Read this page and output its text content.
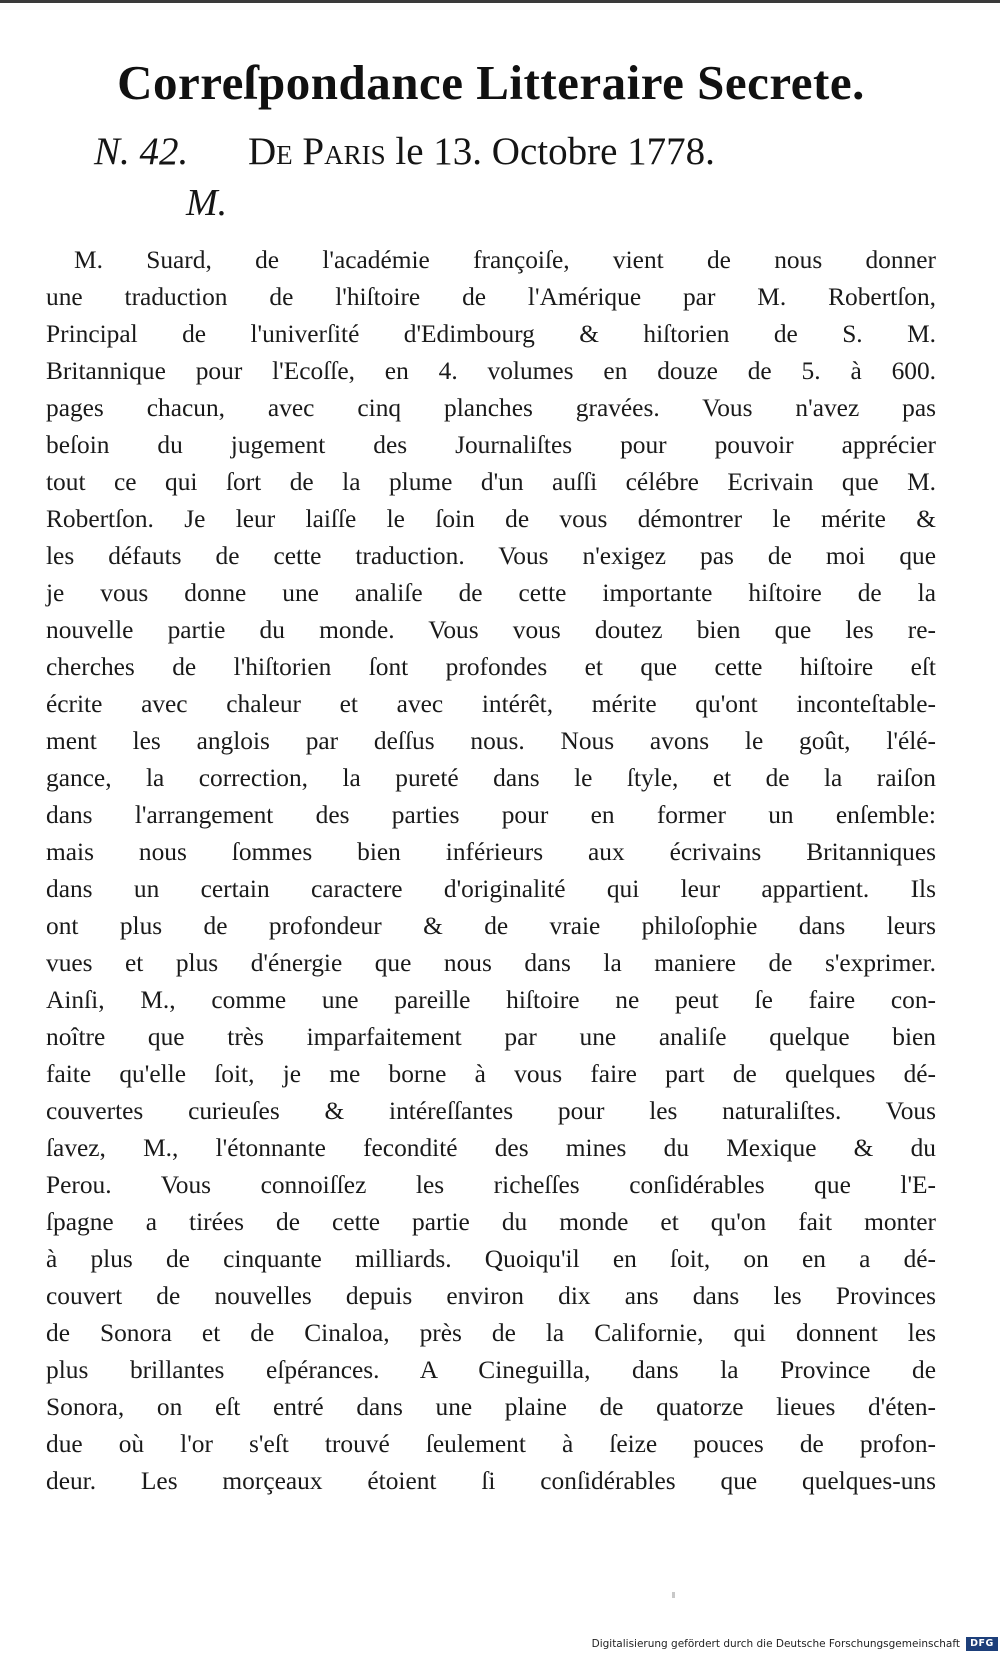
Correſpondance Litteraire Secrete.
N. 42. De Paris le 13. Octobre 1778.
M.
M. Suard, de l'académie françoiſe, vient de nous donner
une traduction de l'hiſtoire de l'Amérique par M. Robertſon,
Principal de l'univerſité d'Edimbourg & hiſtorien de S. M.
Britannique pour l'Ecoſſe, en 4. volumes en douze de 5. à 600.
pages chacun, avec cinq planches gravées. Vous n'avez pas
beſoin du jugement des Journaliſtes pour pouvoir apprécier
tout ce qui ſort de la plume d'un auſſi célébre Ecrivain que M.
Robertſon. Je leur laiſſe le ſoin de vous démontrer le mérite &
les défauts de cette traduction. Vous n'exigez pas de moi que
je vous donne une analiſe de cette importante hiſtoire de la
nouvelle partie du monde. Vous vous doutez bien que les re-
cherches de l'hiſtorien ſont profondes et que cette hiſtoire eſt
écrite avec chaleur et avec intérêt, mérite qu'ont inconteſtable-
ment les anglois par deſſus nous. Nous avons le goût, l'élé-
gance, la correction, la pureté dans le ſtyle, et de la raiſon
dans l'arrangement des parties pour en former un enſemble:
mais nous ſommes bien inférieurs aux écrivains Britanniques
dans un certain caractere d'originalité qui leur appartient. Ils
ont plus de profondeur & de vraie philoſophie dans leurs
vues et plus d'énergie que nous dans la maniere de s'exprimer.
Ainſi, M., comme une pareille hiſtoire ne peut ſe faire con-
noître que très imparfaitement par une analiſe quelque bien
faite qu'elle ſoit, je me borne à vous faire part de quelques dé-
couvertes curieuſes & intéreſſantes pour les naturaliſtes. Vous
ſavez, M., l'étonnante fecondité des mines du Mexique & du
Perou. Vous connoiſſez les richeſſes conſidérables que l'E-
ſpagne a tirées de cette partie du monde et qu'on fait monter
à plus de cinquante milliards. Quoiqu'il en ſoit, on en a dé-
couvert de nouvelles depuis environ dix ans dans les Provinces
de Sonora et de Cinaloa, près de la Californie, qui donnent les
plus brillantes eſpérances. A Cineguilla, dans la Province de
Sonora, on eſt entré dans une plaine de quatorze lieues d'éten-
due où l'or s'eſt trouvé ſeulement à ſeize pouces de profon-
deur. Les morçeaux étoient ſi conſidérables que quelques-uns
Digitalisierung gefördert durch die Deutsche Forschungsgemeinschaft	DFG
